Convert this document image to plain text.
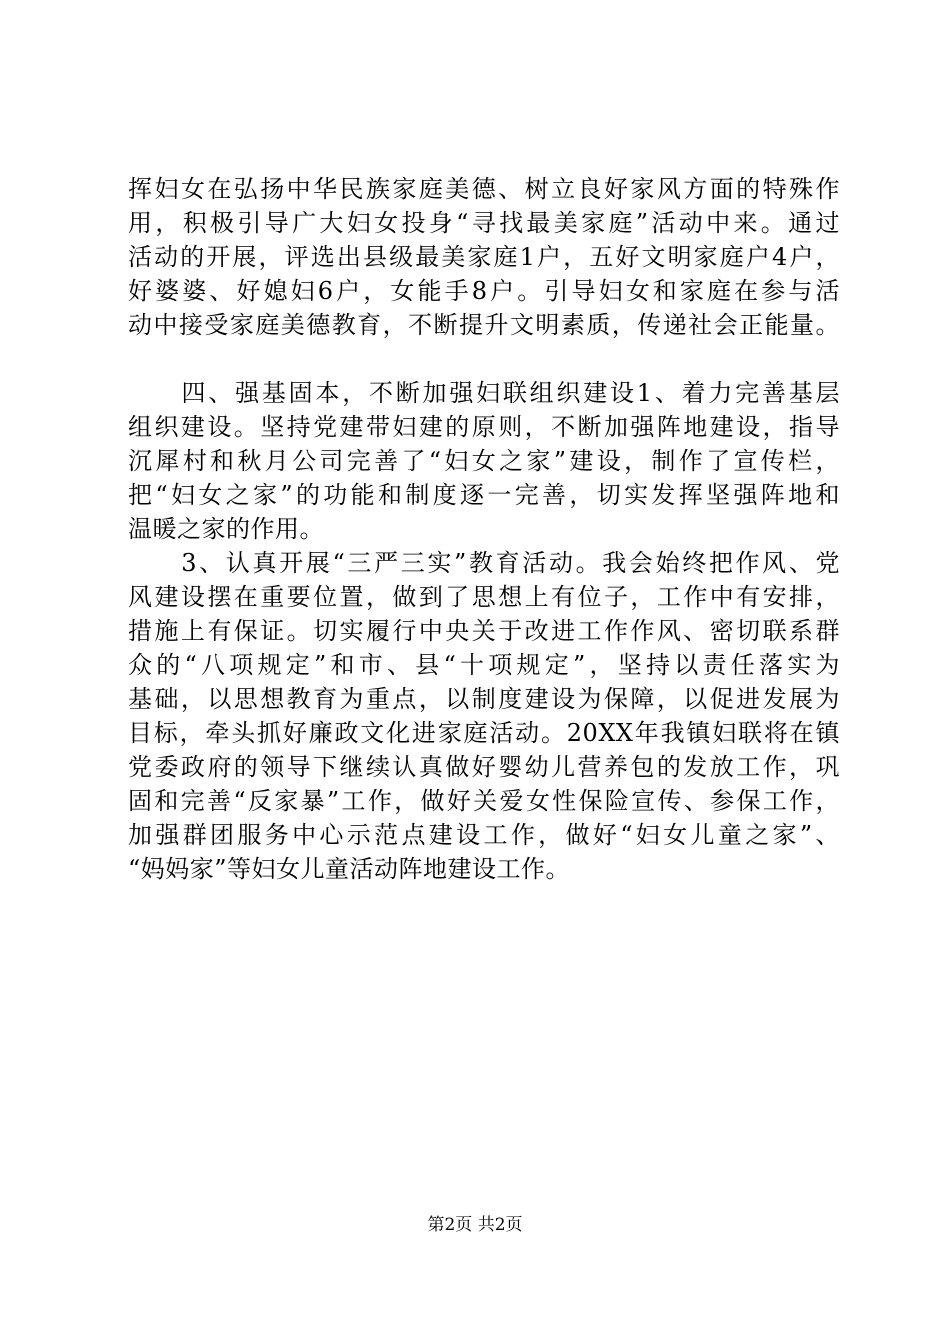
挥妇女在弘扬中华民族家庭美德、树立良好家风方面的特殊作
用，积极引导广大妇女投身“寻找最美家庭”活动中来。通过
活动的开展，评选出县级最美家庭1户，五好文明家庭户4户，
好婆婆、好媳妇6户，女能手8户。引导妇女和家庭在参与活
动中接受家庭美德教育，不断提升文明素质，传递社会正能量。
　　四、强基固本，不断加强妇联组织建设1、着力完善基层
组织建设。坚持党建带妇建的原则，不断加强阵地建设，指导
沉犀村和秋月公司完善了“妇女之家”建设，制作了宣传栏，
把“妇女之家”的功能和制度逐一完善，切实发挥坚强阵地和
温暖之家的作用。
　　3、认真开展“三严三实”教育活动。我会始终把作风、党
风建设摆在重要位置，做到了思想上有位子，工作中有安排，
措施上有保证。切实履行中央关于改进工作作风、密切联系群
众的“八项规定”和市、县“十项规定”，坚持以责任落实为
基础，以思想教育为重点，以制度建设为保障，以促进发展为
目标，牵头抓好廉政文化进家庭活动。20XX年我镇妇联将在镇
党委政府的领导下继续认真做好婴幼儿营养包的发放工作，巩
固和完善“反家暴”工作，做好关爱女性保险宣传、参保工作，
加强群团服务中心示范点建设工作，做好“妇女儿童之家”、
“妈妈家”等妇女儿童活动阵地建设工作。
第2页 共2页
